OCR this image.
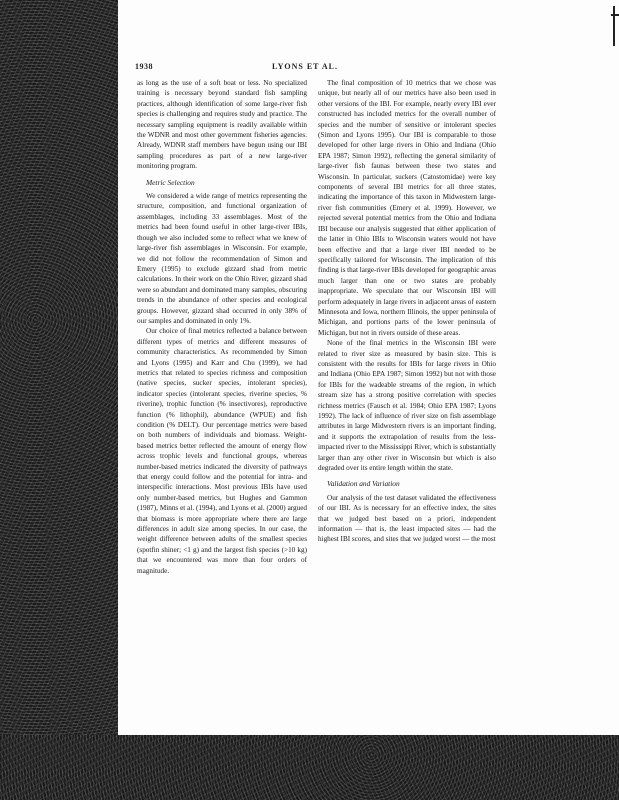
1938	LYONS ET AL.

as long as the use of a soft boat or less. No specialized training is necessary beyond standard fish sampling practices, although identification of some large-river fish species is challenging and requires study and practice. The necessary sampling equipment is readily available within the WDNR and most other government fisheries agencies. Already, WDNR staff members have begun using our IBI sampling procedures as part of a new large-river monitoring program.

Metric Selection

We considered a wide range of metrics representing the structure, composition, and functional organization of assemblages, including 33 assemblages. Most of the metrics had been found useful in other large-river IBIs, though we also included some to reflect what we knew of large-river fish assemblages in Wisconsin. For example, we did not follow the recommendation of Simon and Emery (1995) to exclude gizzard shad from metric calculations. In their work on the Ohio River, gizzard shad were so abundant and dominated many samples, obscuring trends in the abundance of other species and ecological groups. However, gizzard shad occurred in only 38% of our samples and dominated in only 1%.

Our choice of final metrics reflected a balance between different types of metrics and different measures of community characteristics. As recommended by Simon and Lyons (1995) and Karr and Chu (1999), we had metrics that related to species richness and composition (native species, sucker species, intolerant species), indicator species (intolerant species, riverine species, % riverine), trophic function (% insectivores), reproductive function (% lithophil), abundance (WPUE) and fish condition (% DELT). Our percentage metrics were based on both numbers of individuals and biomass. Weight-based metrics better reflected the amount of energy flow across trophic levels and functional groups, whereas number-based metrics indicated the diversity of pathways that energy could follow and the potential for intra- and interspecific interactions. Most previous IBIs have used only number-based metrics, but Hughes and Gammon (1987), Minns et al. (1994), and Lyons et al. (2000) argued that biomass is more appropriate where there are large differences in adult size among species. In our case, the weight difference between adults of the smallest species (spotfin shiner; <1 g) and the largest fish species (>10 kg) that we encountered was more than four orders of magnitude.

The final composition of 10 metrics that we chose was unique, but nearly all of our metrics have also been used in other versions of the IBI. For example, nearly every IBI ever constructed has included metrics for the overall number of species and the number of sensitive or intolerant species (Simon and Lyons 1995). Our IBI is comparable to those developed for other large rivers in Ohio and Indiana (Ohio EPA 1987; Simon 1992), reflecting the general similarity of large-river fish faunas between these two states and Wisconsin. In particular, suckers (Catostomidae) were key components of several IBI metrics for all three states, indicating the importance of this taxon in Midwestern large-river fish communities (Emery et al. 1999). However, we rejected several potential metrics from the Ohio and Indiana IBI because our analysis suggested that either application of the latter in Ohio IBIs to Wisconsin waters would not have been effective and that a large river IBI needed to be specifically tailored for Wisconsin. The implication of this finding is that large-river IBIs developed for geographic areas much larger than one or two states are probably inappropriate. We speculate that our Wisconsin IBI will perform adequately in large rivers in adjacent areas of eastern Minnesota and Iowa, northern Illinois, the upper peninsula of Michigan, and portions parts of the lower peninsula of Michigan, but not in rivers outside of these areas.

None of the final metrics in the Wisconsin IBI were related to river size as measured by basin size. This is consistent with the results for IBIs for large rivers in Ohio and Indiana (Ohio EPA 1987; Simon 1992) but not with those for IBIs for the wadeable streams of the region, in which stream size has a strong positive correlation with species richness metrics (Fausch et al. 1984; Ohio EPA 1987; Lyons 1992). The lack of influence of river size on fish assemblage attributes in large Midwestern rivers is an important finding, and it supports the extrapolation of results from the less-impacted river to the Mississippi River, which is substantially larger than any other river in Wisconsin but which is also degraded over its entire length within the state.

Validation and Variation

Our analysis of the test dataset validated the effectiveness of our IBI. As is necessary for an effective index, the sites that we judged best based on a priori, independent information — that is, the least impacted sites — had the highest IBI scores, and sites that we judged worst — the most
